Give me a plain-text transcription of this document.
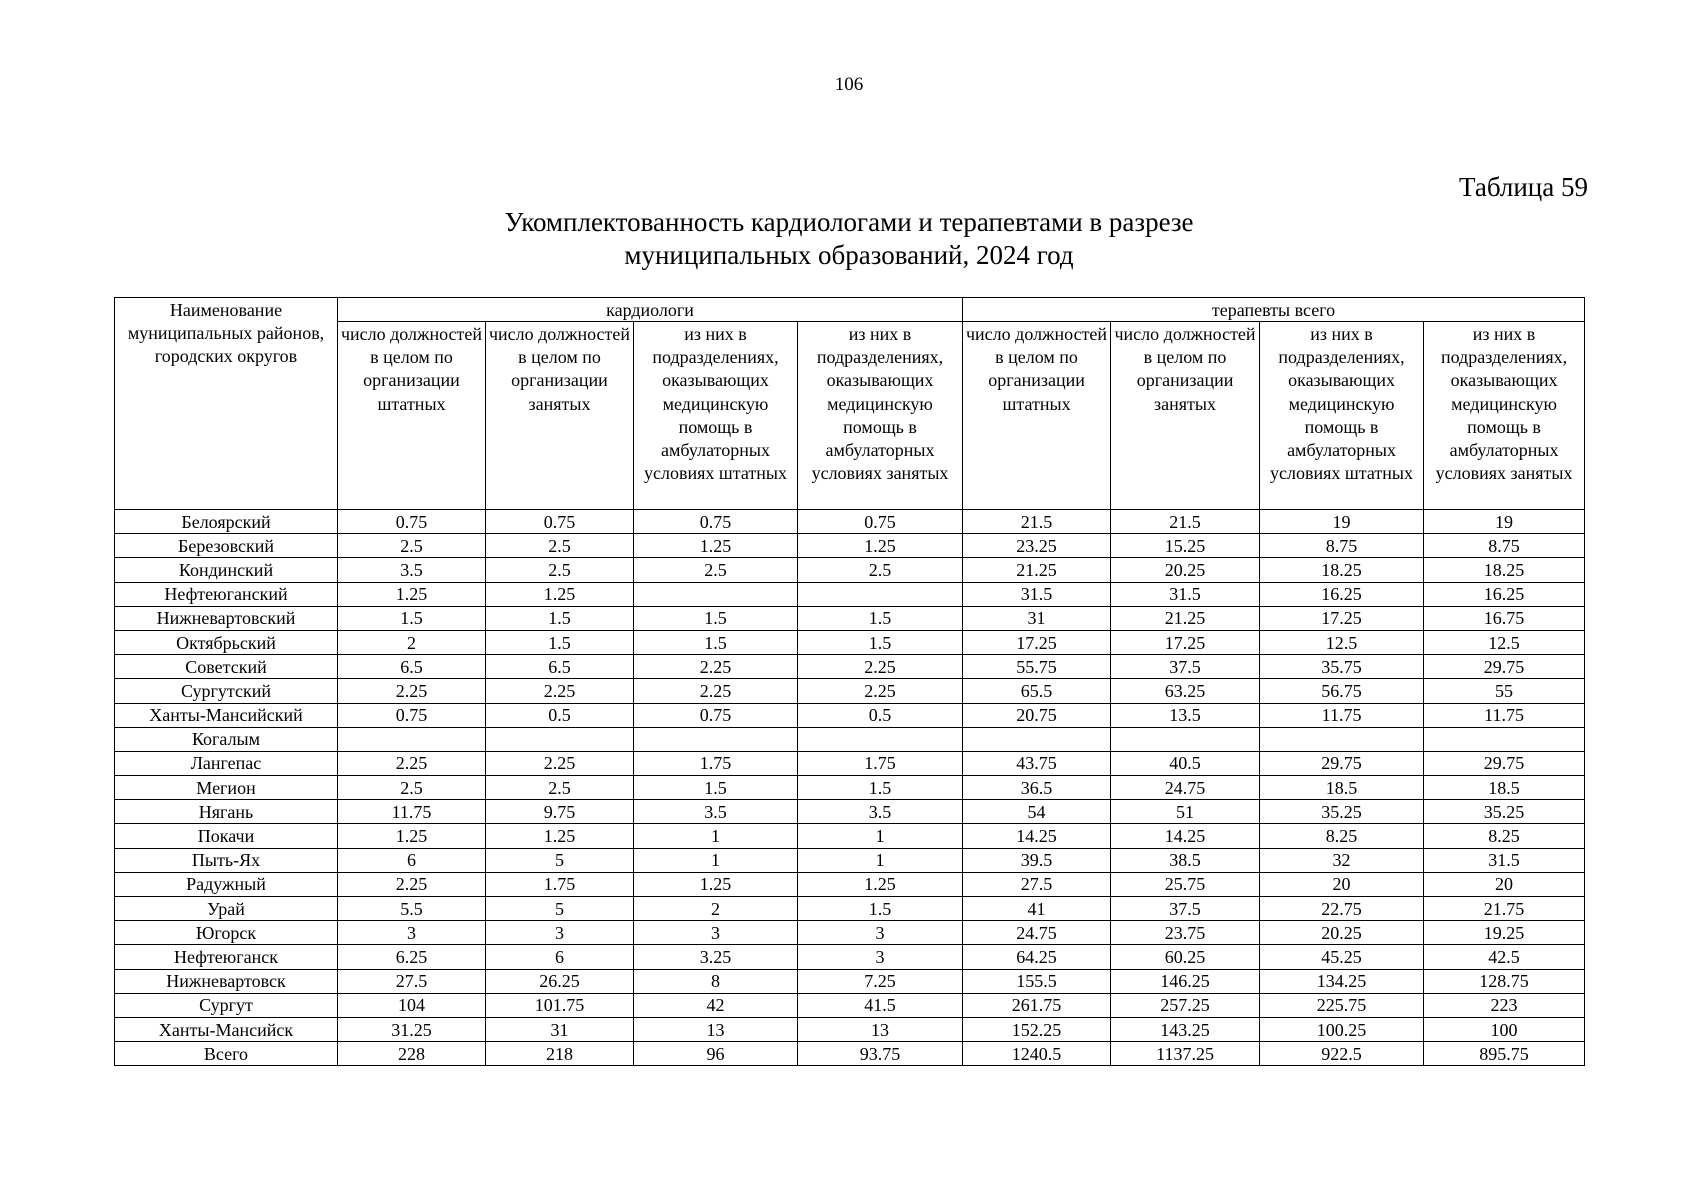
106
Таблица 59
Укомплектованность кардиологами и терапевтами в разрезе
муниципальных образований, 2024 год
Наименование муниципальных районов, городских округов	кардиологи				терапевты всего			
	число должностей в целом по организации штатных	число должностей в целом по организации занятых	из них в подразделениях, оказывающих медицинскую помощь в амбулаторных условиях штатных	из них в подразделениях, оказывающих медицинскую помощь в амбулаторных условиях занятых	число должностей в целом по организации штатных	число должностей в целом по организации занятых	из них в подразделениях, оказывающих медицинскую помощь в амбулаторных условиях штатных	из них в подразделениях, оказывающих медицинскую помощь в амбулаторных условиях занятых
Белоярский	0.75	0.75	0.75	0.75	21.5	21.5	19	19
Березовский	2.5	2.5	1.25	1.25	23.25	15.25	8.75	8.75
Кондинский	3.5	2.5	2.5	2.5	21.25	20.25	18.25	18.25
Нефтеюганский	1.25	1.25			31.5	31.5	16.25	16.25
Нижневартовский	1.5	1.5	1.5	1.5	31	21.25	17.25	16.75
Октябрьский	2	1.5	1.5	1.5	17.25	17.25	12.5	12.5
Советский	6.5	6.5	2.25	2.25	55.75	37.5	35.75	29.75
Сургутский	2.25	2.25	2.25	2.25	65.5	63.25	56.75	55
Ханты-Мансийский	0.75	0.5	0.75	0.5	20.75	13.5	11.75	11.75
Когалым								
Лангепас	2.25	2.25	1.75	1.75	43.75	40.5	29.75	29.75
Мегион	2.5	2.5	1.5	1.5	36.5	24.75	18.5	18.5
Нягань	11.75	9.75	3.5	3.5	54	51	35.25	35.25
Покачи	1.25	1.25	1	1	14.25	14.25	8.25	8.25
Пыть-Ях	6	5	1	1	39.5	38.5	32	31.5
Радужный	2.25	1.75	1.25	1.25	27.5	25.75	20	20
Урай	5.5	5	2	1.5	41	37.5	22.75	21.75
Югорск	3	3	3	3	24.75	23.75	20.25	19.25
Нефтеюганск	6.25	6	3.25	3	64.25	60.25	45.25	42.5
Нижневартовск	27.5	26.25	8	7.25	155.5	146.25	134.25	128.75
Сургут	104	101.75	42	41.5	261.75	257.25	225.75	223
Ханты-Мансийск	31.25	31	13	13	152.25	143.25	100.25	100
Всего	228	218	96	93.75	1240.5	1137.25	922.5	895.75
